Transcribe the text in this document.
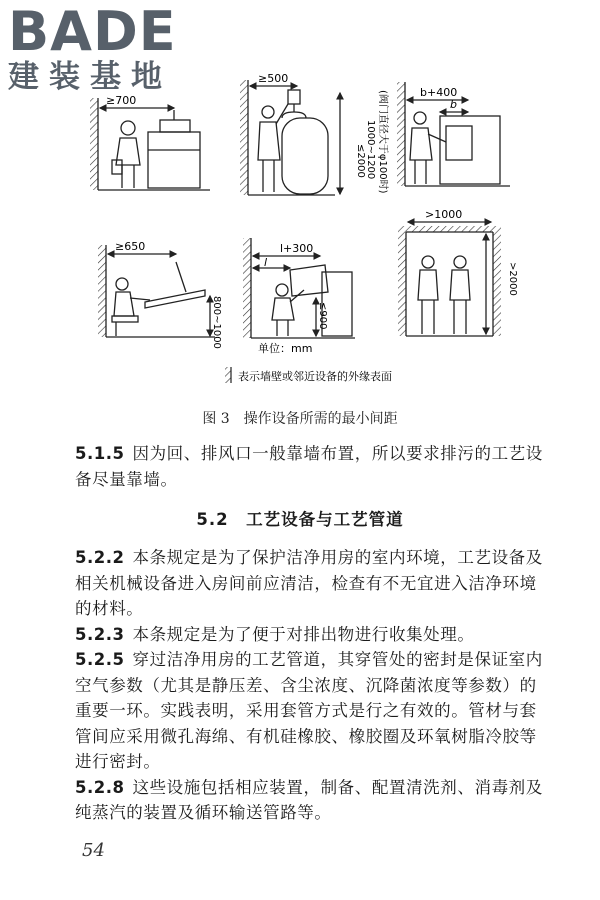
BADE
建装基地
≥700
≥500
≤2000 1000~1200 (阀门直径大于φ100时)	b+400
b
≥650
800~1000
l+300
l
≤900
>1000
>2000
单位：mm
表示墙壁或邻近设备的外缘表面
图 3　操作设备所需的最小间距

5.1.5 因为回、排风口一般靠墙布置，所以要求排污的工艺设备尽量靠墙。

5.2　工艺设备与工艺管道

5.2.2 本条规定是为了保护洁净用房的室内环境，工艺设备及相关机械设备进入房间前应清洁，检查有不无宜进入洁净环境的材料。

5.2.3 本条规定是为了便于对排出物进行收集处理。

5.2.5 穿过洁净用房的工艺管道，其穿管处的密封是保证室内空气参数（尤其是静压差、含尘浓度、沉降菌浓度等参数）的重要一环。实践表明，采用套管方式是行之有效的。管材与套管间应采用微孔海绵、有机硅橡胶、橡胶圈及环氧树脂冷胶等进行密封。

5.2.8 这些设施包括相应装置，制备、配置清洗剂、消毒剂及纯蒸汽的装置及循环输送管路等。

54
